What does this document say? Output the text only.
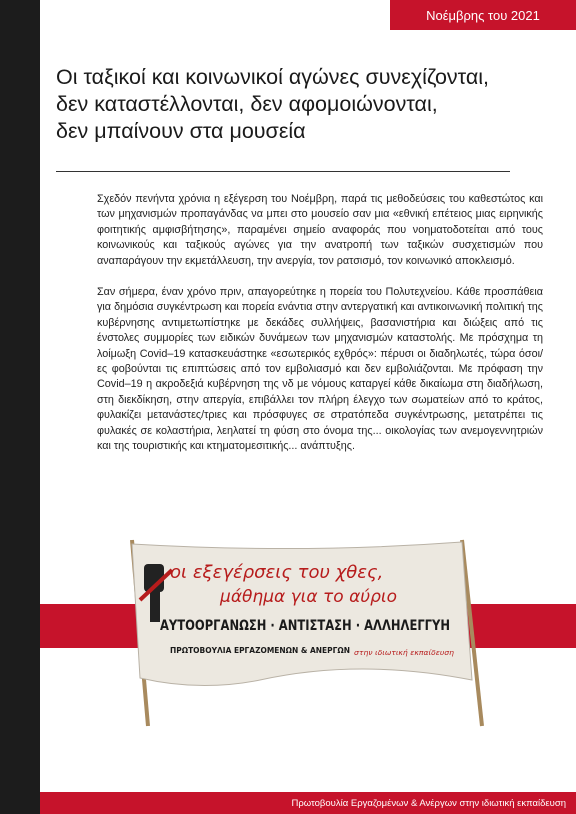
Νοέμβρης του 2021
Οι ταξικοί και κοινωνικοί αγώνες συνεχίζονται,
δεν καταστέλλονται, δεν αφομοιώνονται,
δεν μπαίνουν στα μουσεία

Σχεδόν πενήντα χρόνια η εξέγερση του Νοέμβρη, παρά τις μεθοδεύσεις του καθεστώτος και των μηχανισμών προπαγάνδας να μπει στο μουσείο σαν μια «εθνική επέτειος μιας ειρηνικής φοιτητικής αμφισβήτησης», παραμένει σημείο αναφοράς που νοηματοδοτείται από τους κοινωνικούς και ταξικούς αγώνες για την ανατροπή των ταξικών συσχετισμών που αναπαράγουν την εκμετάλλευση, την ανεργία, τον ρατσισμό, τον κοινωνικό αποκλεισμό.

Σαν σήμερα, έναν χρόνο πριν, απαγορεύτηκε η πορεία του Πολυτεχνείου. Κάθε προσπάθεια για δημόσια συγκέντρωση και πορεία ενάντια στην αντεργατική και αντικοινωνική πολιτική της κυβέρνησης αντιμετωπίστηκε με δεκάδες συλλήψεις, βασανιστήρια και διώξεις από τις ένστολες συμμορίες των ειδικών δυνάμεων των μηχανισμών καταστολής. Με πρόσχημα τη λοίμωξη Covid–19 κατασκευάστηκε «εσωτερικός εχθρός»: πέρυσι οι διαδηλωτές, τώρα όσοι/ες φοβούνται τις επιπτώσεις από τον εμβολιασμό και δεν εμβολιάζονται. Με πρόφαση την Covid–19 η ακροδεξιά κυβέρνηση της νδ με νόμους καταργεί κάθε δικαίωμα στη διαδήλωση, στη διεκδίκηση, στην απεργία, επιβάλλει τον πλήρη έλεγχο των σωματείων από το κράτος, φυλακίζει μετανάστες/τριες και πρόσφυγες σε στρατόπεδα συγκέντρωσης, μετατρέπει τις φυλακές σε κολαστήρια, λεηλατεί τη φύση στο όνομα της... οικολογίας των ανεμογεννητριών και της τουριστικής και κτηματομεσιτικής... ανάπτυξης.

οι εξεγέρσεις του χθες,
μάθημα για το αύριο
ΑΥΤΟΟΡΓΑΝΩΣΗ · ΑΝΤΙΣΤΑΣΗ · ΑΛΛΗΛΕΓΓΥΗ
ΠΡΩΤΟΒΟΥΛΙΑ ΕΡΓΑΖΟΜΕΝΩΝ & ΑΝΕΡΓΩΝ στην ιδιωτική εκπαίδευση
Πρωτοβουλία Εργαζομένων & Ανέργων στην ιδιωτική εκπαίδευση
